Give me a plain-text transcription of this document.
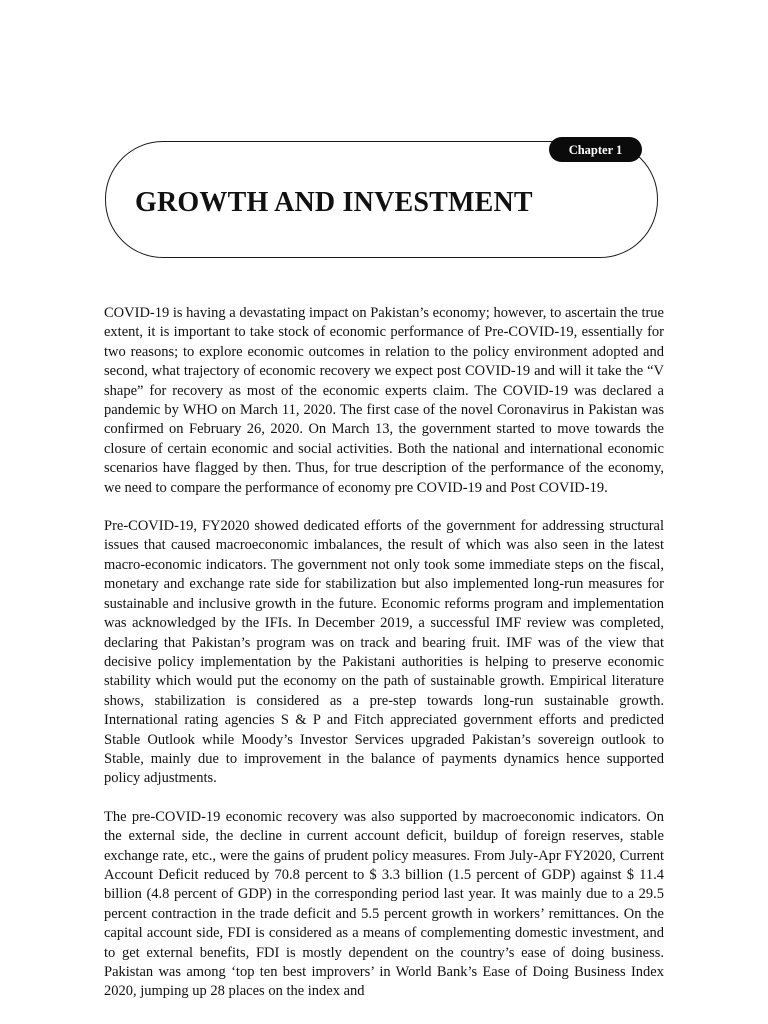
Chapter 1
GROWTH AND INVESTMENT

COVID-19 is having a devastating impact on Pakistan’s economy; however, to ascertain the true extent, it is important to take stock of economic performance of Pre-COVID-19, essentially for two reasons; to explore economic outcomes in relation to the policy environment adopted and second, what trajectory of economic recovery we expect post COVID-19 and will it take the “V shape” for recovery as most of the economic experts claim. The COVID-19 was declared a pandemic by WHO on March 11, 2020. The first case of the novel Coronavirus in Pakistan was confirmed on February 26, 2020. On March 13, the government started to move towards the closure of certain economic and social activities. Both the national and international economic scenarios have flagged by then. Thus, for true description of the performance of the economy, we need to compare the performance of economy pre COVID-19 and Post COVID-19.

Pre-COVID-19, FY2020 showed dedicated efforts of the government for addressing structural issues that caused macroeconomic imbalances, the result of which was also seen in the latest macro-economic indicators. The government not only took some immediate steps on the fiscal, monetary and exchange rate side for stabilization but also implemented long-run measures for sustainable and inclusive growth in the future. Economic reforms program and implementation was acknowledged by the IFIs. In December 2019, a successful IMF review was completed, declaring that Pakistan’s program was on track and bearing fruit. IMF was of the view that decisive policy implementation by the Pakistani authorities is helping to preserve economic stability which would put the economy on the path of sustainable growth. Empirical literature shows, stabilization is considered as a pre-step towards long-run sustainable growth. International rating agencies S & P and Fitch appreciated government efforts and predicted Stable Outlook while Moody’s Investor Services upgraded Pakistan’s sovereign outlook to Stable, mainly due to improvement in the balance of payments dynamics hence supported policy adjustments.

The pre-COVID-19 economic recovery was also supported by macroeconomic indicators. On the external side, the decline in current account deficit, buildup of foreign reserves, stable exchange rate, etc., were the gains of prudent policy measures. From July-Apr FY2020, Current Account Deficit reduced by 70.8 percent to $ 3.3 billion (1.5 percent of GDP) against $ 11.4 billion (4.8 percent of GDP) in the corresponding period last year. It was mainly due to a 29.5 percent contraction in the trade deficit and 5.5 percent growth in workers’ remittances. On the capital account side, FDI is considered as a means of complementing domestic investment, and to get external benefits, FDI is mostly dependent on the country’s ease of doing business. Pakistan was among ‘top ten best improvers’ in World Bank’s Ease of Doing Business Index 2020, jumping up 28 places on the index and
